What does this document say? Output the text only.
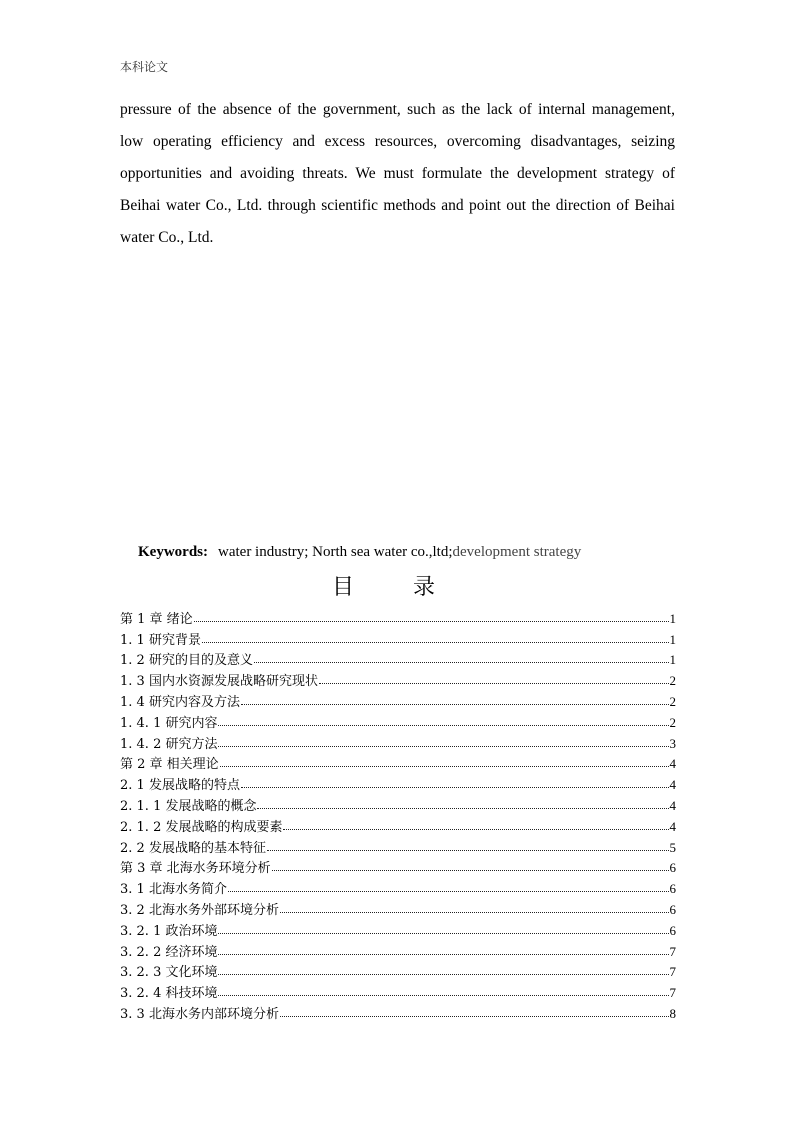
本科论文
pressure of the absence of the government, such as the lack of internal management,
low operating efficiency and excess resources, overcoming disadvantages, seizing
opportunities and avoiding threats. We must formulate the development strategy of
Beihai water Co., Ltd. through scientific methods and point out the direction of Beihai
water Co., Ltd.
Keywords: water industry; North sea water co.,ltd;development strategy
目 录
第 1 章 绪论	1
1. 1 研究背景	1
1. 2 研究的目的及意义	1
1. 3 国内水资源发展战略研究现状	2
1. 4 研究内容及方法	2
1. 4. 1 研究内容	2
1. 4. 2 研究方法	3
第 2 章 相关理论	4
2. 1 发展战略的特点	4
2. 1. 1 发展战略的概念	4
2. 1. 2 发展战略的构成要素	4
2. 2 发展战略的基本特征	5
第 3 章 北海水务环境分析	6
3. 1 北海水务简介	6
3. 2 北海水务外部环境分析	6
3. 2. 1 政治环境	6
3. 2. 2 经济环境	7
3. 2. 3 文化环境	7
3. 2. 4 科技环境	7
3. 3 北海水务内部环境分析	8
